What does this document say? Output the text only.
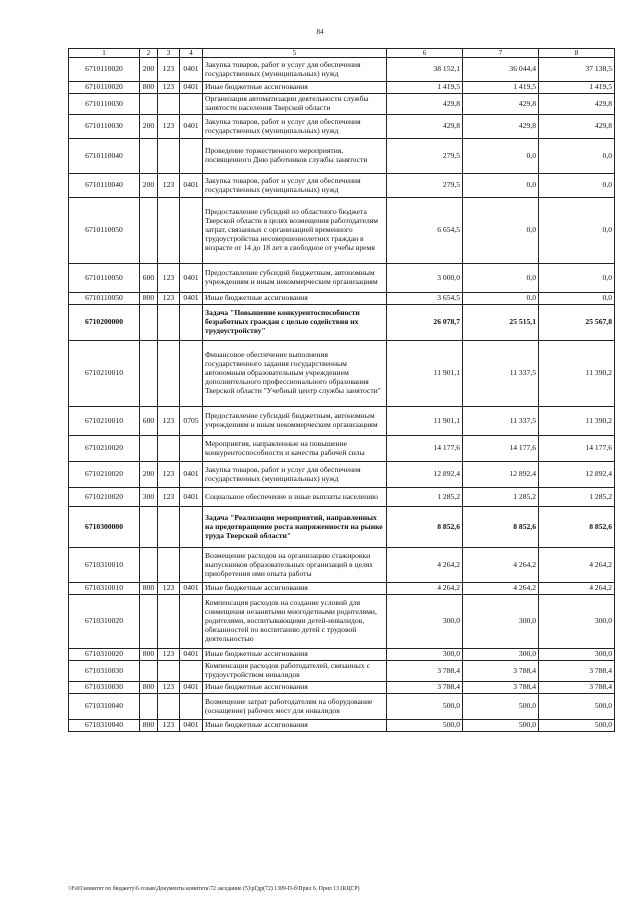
84
1	2	3	4	5	6	7	8
6710110020	200	123	0401	Закупка товаров, работ и услуг для обеспечения государственных (муниципальных) нужд	38 152,1	36 044,4	37 138,5
6710110020	800	123	0401	Иные бюджетные ассигнования	1 419,5	1 419,5	1 419,5
6710110030				Организация автоматизации деятельности службы занятости населения Тверской области	429,8	429,8	429,8
6710110030	200	123	0401	Закупка товаров, работ и услуг для обеспечения государственных (муниципальных) нужд	429,8	429,8	429,8
6710110040				Проведение торжественного мероприятия, посвященного Дню работников службы занятости	279,5	0,0	0,0
6710110040	200	123	0401	Закупка товаров, работ и услуг для обеспечения государственных (муниципальных) нужд	279,5	0,0	0,0
6710110050				Предоставление субсидий из областного бюджета Тверской области в целях возмещения работодателям затрат, связанных с организацией временного трудоустройства несовершеннолетних граждан в возрасте от 14 до 18 лет в свободное от учебы время	6 654,5	0,0	0,0
6710110050	600	123	0401	Предоставление субсидий бюджетным, автономным учреждениям и иным некоммерческим организациям	3 000,0	0,0	0,0
6710110050	800	123	0401	Иные бюджетные ассигнования	3 654,5	0,0	0,0
6710200000				Задача "Повышение конкурентоспособности безработных граждан с целью содействия их трудоустройству"	26 078,7	25 515,1	25 567,8
6710210010				Финансовое обеспечение выполнения государственного задания государственным автономным образовательным учреждением дополнительного профессионального образования Тверской области "Учебный центр службы занятости"	11 901,1	11 337,5	11 390,2
6710210010	600	123	0705	Предоставление субсидий бюджетным, автономным учреждениям и иным некоммерческим организациям	11 901,1	11 337,5	11 390,2
6710210020				Мероприятия, направленные на повышение конкурентоспособности и качества рабочей силы	14 177,6	14 177,6	14 177,6
6710210020	200	123	0401	Закупка товаров, работ и услуг для обеспечения государственных (муниципальных) нужд	12 892,4	12 892,4	12 892,4
6710210020	300	123	0401	Социальное обеспечение и иные выплаты населению	1 285,2	1 285,2	1 285,2
6710300000				Задача "Реализация мероприятий, направленных на предотвращение роста напряженности на рынке труда Тверской области"	8 852,6	8 852,6	8 852,6
6710310010				Возмещение расходов на организацию стажировки выпускников образовательных организаций в целях приобретения ими опыта работы	4 264,2	4 264,2	4 264,2
6710310010	800	123	0401	Иные бюджетные ассигнования	4 264,2	4 264,2	4 264,2
6710310020				Компенсация расходов на создание условий для совмещения незанятыми многодетными родителями, родителями, воспитывающими детей-инвалидов, обязанностей по воспитанию детей с трудовой деятельностью	300,0	300,0	300,0
6710310020	800	123	0401	Иные бюджетные ассигнования	300,0	300,0	300,0
6710310030				Компенсация расходов работодателей, связанных с трудоустройством инвалидов	3 788,4	3 788,4	3 788,4
6710310030	800	123	0401	Иные бюджетные ассигнования	3 788,4	3 788,4	3 788,4
6710310040				Возмещение затрат работодателям на оборудование (оснащение) рабочих мест для инвалидов	500,0	500,0	500,0
6710310040	800	123	0401	Иные бюджетные ассигнования	500,0	500,0	500,0
\\Fs01\комитет по бюджету\6 созыв\Документы комитета\72 заседание (5)\рГдр(72) 1309-П-б\Прил 6. Прил 13 (КЦСР)
